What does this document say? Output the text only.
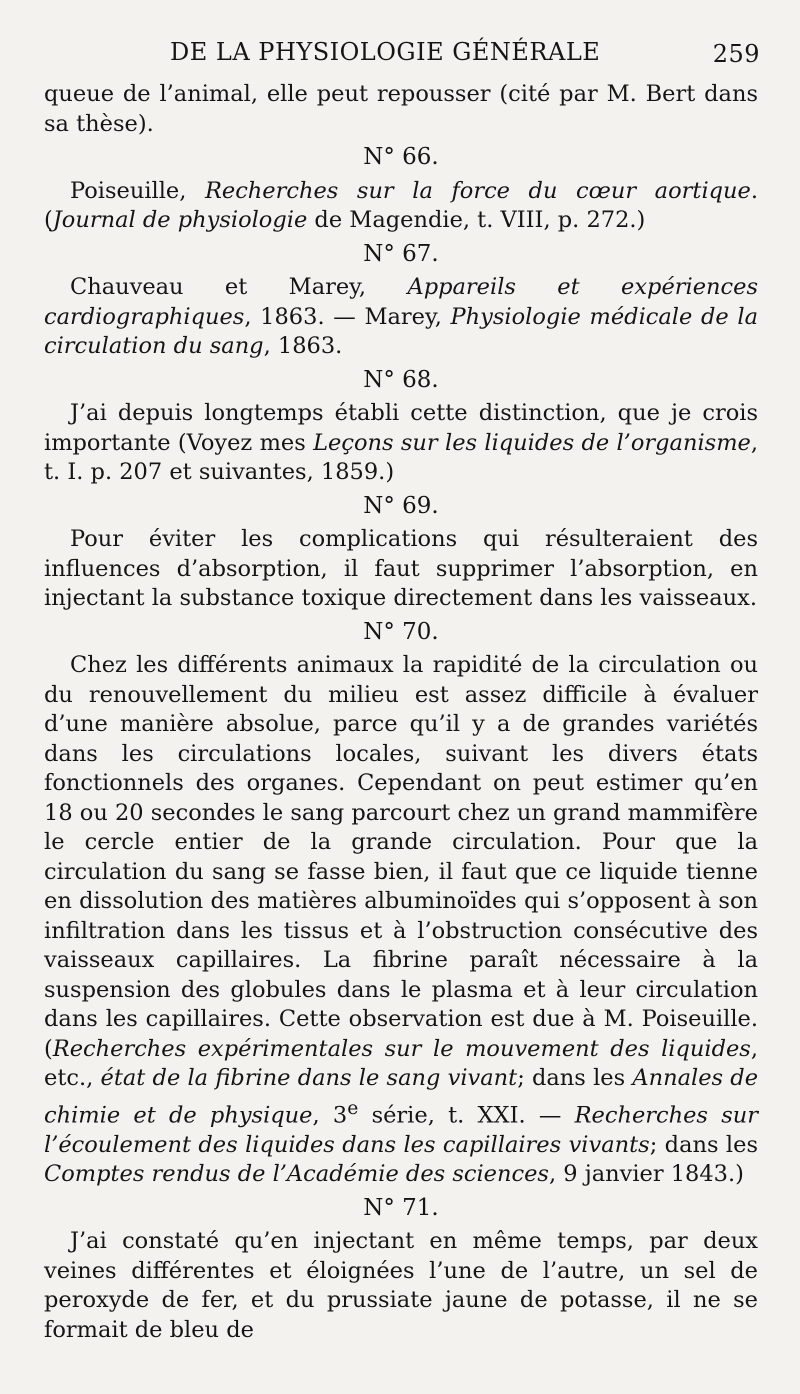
DE LA PHYSIOLOGIE GÉNÉRALE	259

queue de l’animal, elle peut repousser (cité par M. Bert dans sa thèse).

N° 66.

Poiseuille, Recherches sur la force du cœur aortique. (Journal de physiologie de Magendie, t. VIII, p. 272.)

N° 67.

Chauveau et Marey, Appareils et expériences cardiographiques, 1863. — Marey, Physiologie médicale de la circulation du sang, 1863.

N° 68.

J’ai depuis longtemps établi cette distinction, que je crois importante (Voyez mes Leçons sur les liquides de l’organisme, t. I. p. 207 et suivantes, 1859.)

N° 69.

Pour éviter les complications qui résulteraient des influences d’absorption, il faut supprimer l’absorption, en injectant la substance toxique directement dans les vaisseaux.

N° 70.

Chez les différents animaux la rapidité de la circulation ou du renouvellement du milieu est assez difficile à évaluer d’une manière absolue, parce qu’il y a de grandes variétés dans les circulations locales, suivant les divers états fonctionnels des organes. Cependant on peut estimer qu’en 18 ou 20 secondes le sang parcourt chez un grand mammifère le cercle entier de la grande circulation. Pour que la circulation du sang se fasse bien, il faut que ce liquide tienne en dissolution des matières albuminoïdes qui s’opposent à son infiltration dans les tissus et à l’obstruction consécutive des vaisseaux capillaires. La fibrine paraît nécessaire à la suspension des globules dans le plasma et à leur circulation dans les capillaires. Cette observation est due à M. Poiseuille. (Recherches expérimentales sur le mouvement des liquides, etc., état de la fibrine dans le sang vivant; dans les Annales de chimie et de physique, 3e série, t. XXI. — Recherches sur l’écoulement des liquides dans les capillaires vivants; dans les Comptes rendus de l’Académie des sciences, 9 janvier 1843.)

N° 71.

J’ai constaté qu’en injectant en même temps, par deux veines différentes et éloignées l’une de l’autre, un sel de peroxyde de fer, et du prussiate jaune de potasse, il ne se formait de bleu de
